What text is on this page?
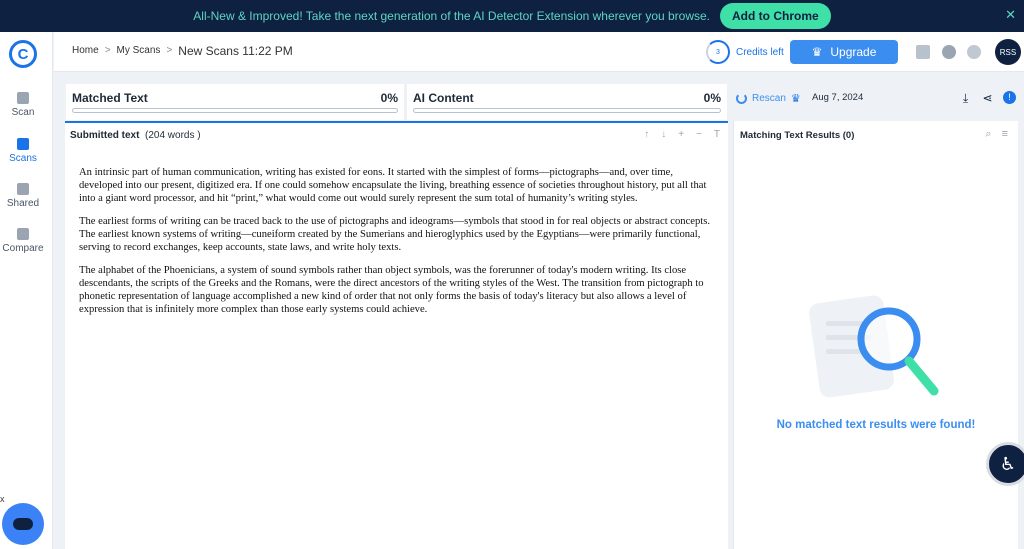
All-New & Improved! Take the next generation of the AI Detector Extension wherever you browse.	Add to Chrome	✕
C
Scan
Scans
Shared
Compare
x
Home > My Scans > New Scans 11:22 PM	3	Credits left ♛ Upgrade	RSS
Matched Text	0% AI Content	0%
Submitted text (204 words )	↑ ↓ + − T

An intrinsic part of human communication, writing has existed for eons. It started with the simplest of forms—pictographs—and, over time, developed into our present, digitized era. If one could somehow encapsulate the living, breathing essence of societies throughout history, put all that into a giant word processor, and hit “print,” what would come out would surely represent the sum total of humanity’s writing styles.

The earliest forms of writing can be traced back to the use of pictographs and ideograms—symbols that stood in for real objects or abstract concepts. The earliest known systems of writing—cuneiform created by the Sumerians and hieroglyphics used by the Egyptians—were primarily functional, serving to record exchanges, keep accounts, state laws, and write holy texts.

The alphabet of the Phoenicians, a system of sound symbols rather than object symbols, was the forerunner of today's modern writing. Its close descendants, the scripts of the Greeks and the Romans, were the direct ancestors of the writing styles of the West. The transition from pictograph to phonetic representation of language accomplished a new kind of order that not only forms the basis of today's literacy but also allows a level of expression that is infinitely more complex than those early systems could achieve.

Rescan ♛ Aug 7, 2024	⤓	⋖	!
Matching Text Results (0)	⌕ ≡
No matched text results were found!
♿
